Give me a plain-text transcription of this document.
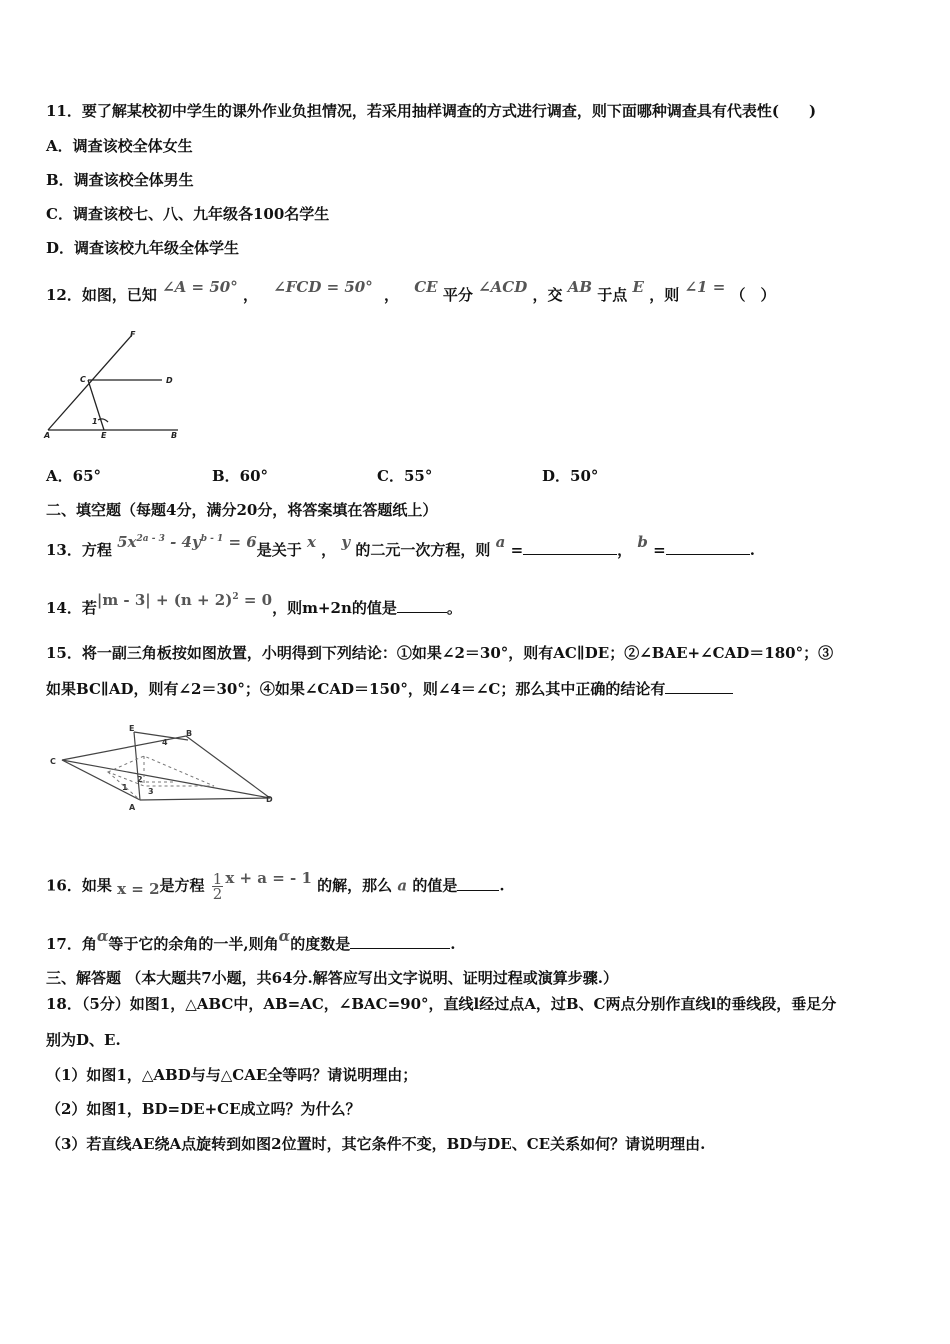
11．要了解某校初中学生的课外作业负担情况，若采用抽样调查的方式进行调查，则下面哪种调查具有代表性(　　)
A．调查该校全体女生
B．调查该校全体男生
C．调查该校七、八、九年级各100名学生
D．调查该校九年级全体学生
12．如图，已知 ∠A = 50° ， ∠FCD = 50° ， CE 平分 ∠ACD ，交 AB 于点 E ，则 ∠1 = （　）
F
C	D
1
A	E	B
A．65°	B．60°	C．55°	D．50°
二、填空题（每题4分，满分20分，将答案填在答题纸上）
13．方程 $5x^{2a - 3} - 4y^{b - 1} = 6$是关于 x ， y 的二元一次方程，则 a =	， b =	.
14．若$|m - 3| + (n + 2)^2 = 0$，则m+2n的值是	。
15．将一副三角板按如图放置，小明得到下列结论：①如果∠2＝30°，则有AC∥DE；②∠BAE+∠CAD＝180°；③
如果BC∥AD，则有∠2＝30°；④如果∠CAD＝150°，则∠4＝∠C；那么其中正确的结论有
E
B
C
4
1
2
3
A
D
16．如果 x = 2是方程 $\frac{1}{2}$ x + a = - 1 的解，那么 a 的值是	.
17．角α等于它的余角的一半,则角α的度数是	.
三、解答题 （本大题共7小题，共64分.解答应写出文字说明、证明过程或演算步骤.）
18．（5分）如图1，△ABC中，AB=AC，∠BAC=90°，直线l经过点A，过B、C两点分别作直线l的垂线段，垂足分
别为D、E.
（1）如图1，△ABD与与△CAE全等吗？请说明理由；
（2）如图1，BD=DE+CE成立吗？为什么？
（3）若直线AE绕A点旋转到如图2位置时，其它条件不变，BD与DE、CE关系如何？请说明理由.
